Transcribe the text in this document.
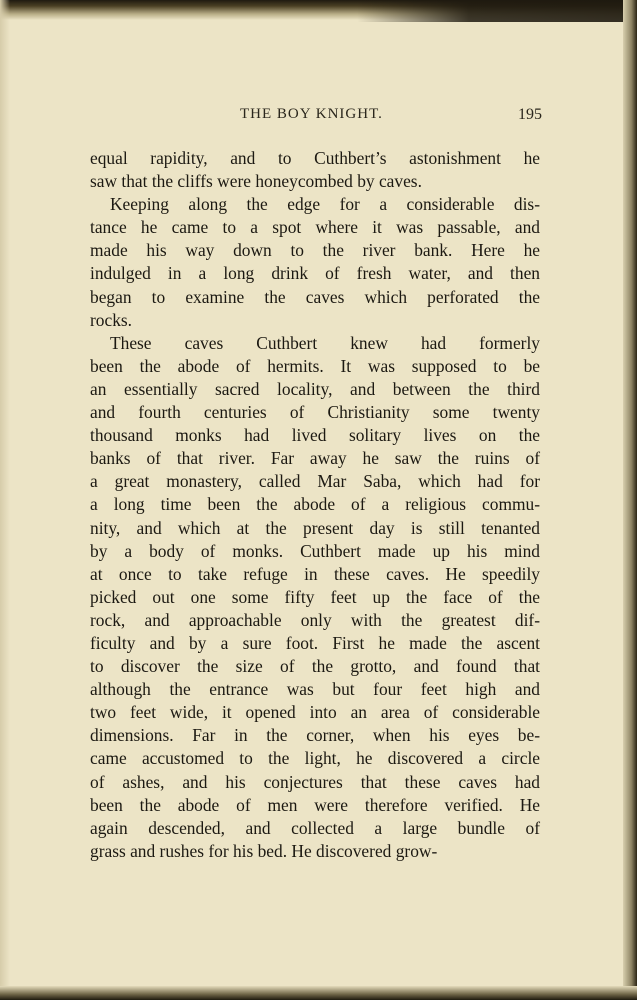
THE BOY KNIGHT.	195

equal rapidity, and to Cuthbert’s astonishment he
saw that the cliffs were honeycombed by caves.

Keeping along the edge for a considerable dis-
tance he came to a spot where it was passable, and
made his way down to the river bank. Here he
indulged in a long drink of fresh water, and then
began to examine the caves which perforated the
rocks.

These caves Cuthbert knew had formerly
been the abode of hermits. It was supposed to be
an essentially sacred locality, and between the third
and fourth centuries of Christianity some twenty
thousand monks had lived solitary lives on the
banks of that river. Far away he saw the ruins of
a great monastery, called Mar Saba, which had for
a long time been the abode of a religious commu-
nity, and which at the present day is still tenanted
by a body of monks. Cuthbert made up his mind
at once to take refuge in these caves. He speedily
picked out one some fifty feet up the face of the
rock, and approachable only with the greatest dif-
ficulty and by a sure foot. First he made the ascent
to discover the size of the grotto, and found that
although the entrance was but four feet high and
two feet wide, it opened into an area of considerable
dimensions. Far in the corner, when his eyes be-
came accustomed to the light, he discovered a circle
of ashes, and his conjectures that these caves had
been the abode of men were therefore verified. He
again descended, and collected a large bundle of
grass and rushes for his bed. He discovered grow-
